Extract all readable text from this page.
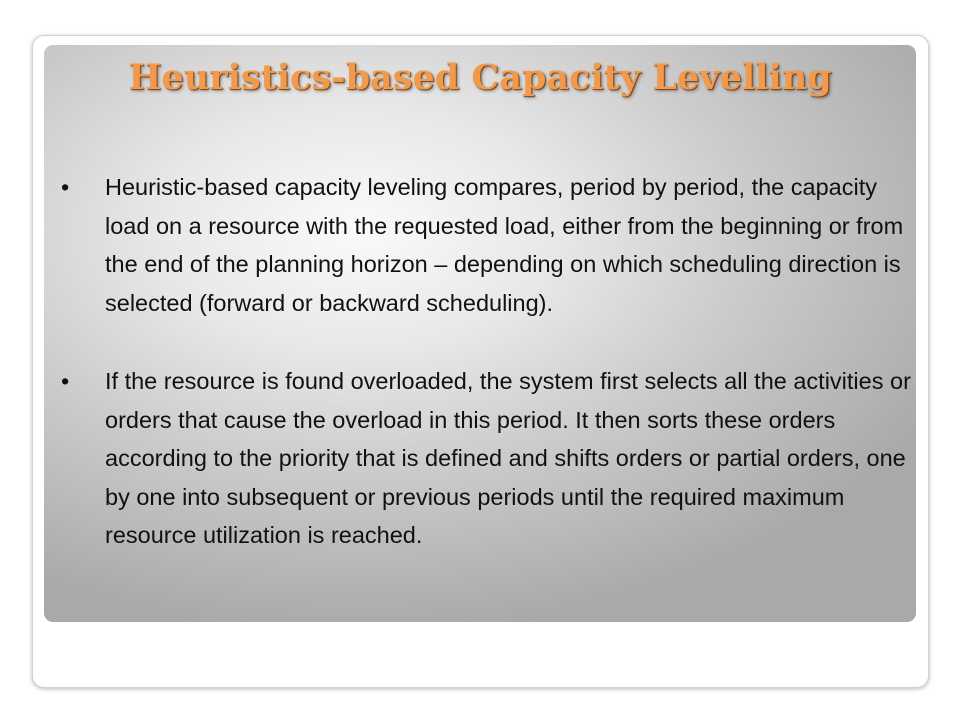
Heuristics-based Capacity Levelling
• Heuristic-based capacity leveling compares, period by period, the capacity load on a resource with the requested load, either from the beginning or from the end of the planning horizon – depending on which scheduling direction is selected (forward or backward scheduling).
• If the resource is found overloaded, the system first selects all the activities or orders that cause the overload in this period. It then sorts these orders according to the priority that is defined and shifts orders or partial orders, one by one into subsequent or previous periods until the required maximum resource utilization is reached.
